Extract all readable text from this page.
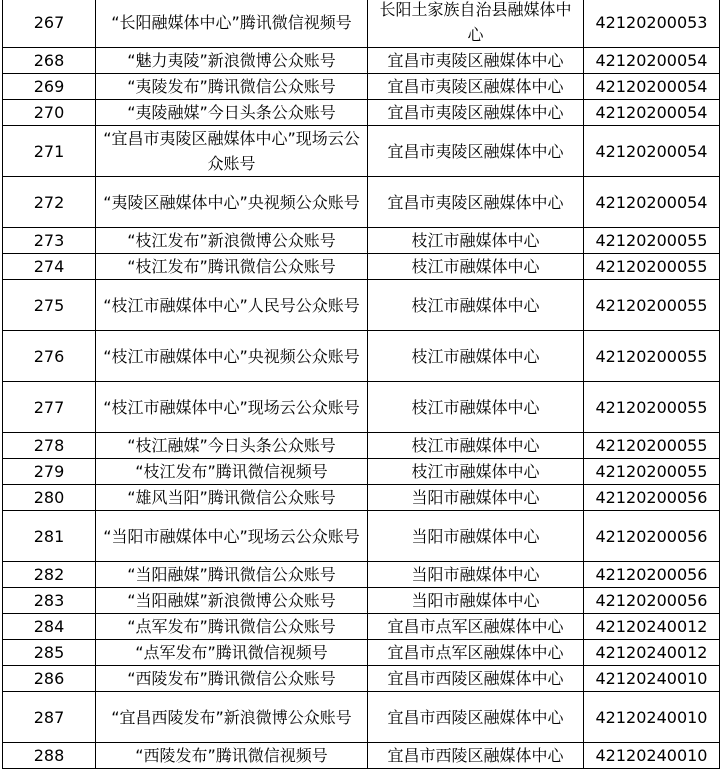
267	“长阳融媒体中心”腾讯微信视频号	长阳土家族自治县融媒体中心	42120200053
268	“魅力夷陵”新浪微博公众账号	宜昌市夷陵区融媒体中心	42120200054
269	“夷陵发布”腾讯微信公众账号	宜昌市夷陵区融媒体中心	42120200054
270	“夷陵融媒”今日头条公众账号	宜昌市夷陵区融媒体中心	42120200054
271	“宜昌市夷陵区融媒体中心”现场云公众账号	宜昌市夷陵区融媒体中心	42120200054
272	“夷陵区融媒体中心”央视频公众账号	宜昌市夷陵区融媒体中心	42120200054
273	“枝江发布”新浪微博公众账号	枝江市融媒体中心	42120200055
274	“枝江发布”腾讯微信公众账号	枝江市融媒体中心	42120200055
275	“枝江市融媒体中心”人民号公众账号	枝江市融媒体中心	42120200055
276	“枝江市融媒体中心”央视频公众账号	枝江市融媒体中心	42120200055
277	“枝江市融媒体中心”现场云公众账号	枝江市融媒体中心	42120200055
278	“枝江融媒”今日头条公众账号	枝江市融媒体中心	42120200055
279	“枝江发布”腾讯微信视频号	枝江市融媒体中心	42120200055
280	“雄风当阳”腾讯微信公众账号	当阳市融媒体中心	42120200056
281	“当阳市融媒体中心”现场云公众账号	当阳市融媒体中心	42120200056
282	“当阳融媒”腾讯微信公众账号	当阳市融媒体中心	42120200056
283	“当阳融媒”新浪微博公众账号	当阳市融媒体中心	42120200056
284	“点军发布”腾讯微信公众账号	宜昌市点军区融媒体中心	42120240012
285	“点军发布”腾讯微信视频号	宜昌市点军区融媒体中心	42120240012
286	“西陵发布”腾讯微信公众账号	宜昌市西陵区融媒体中心	42120240010
287	“宜昌西陵发布”新浪微博公众账号	宜昌市西陵区融媒体中心	42120240010
288	“西陵发布”腾讯微信视频号	宜昌市西陵区融媒体中心	42120240010
